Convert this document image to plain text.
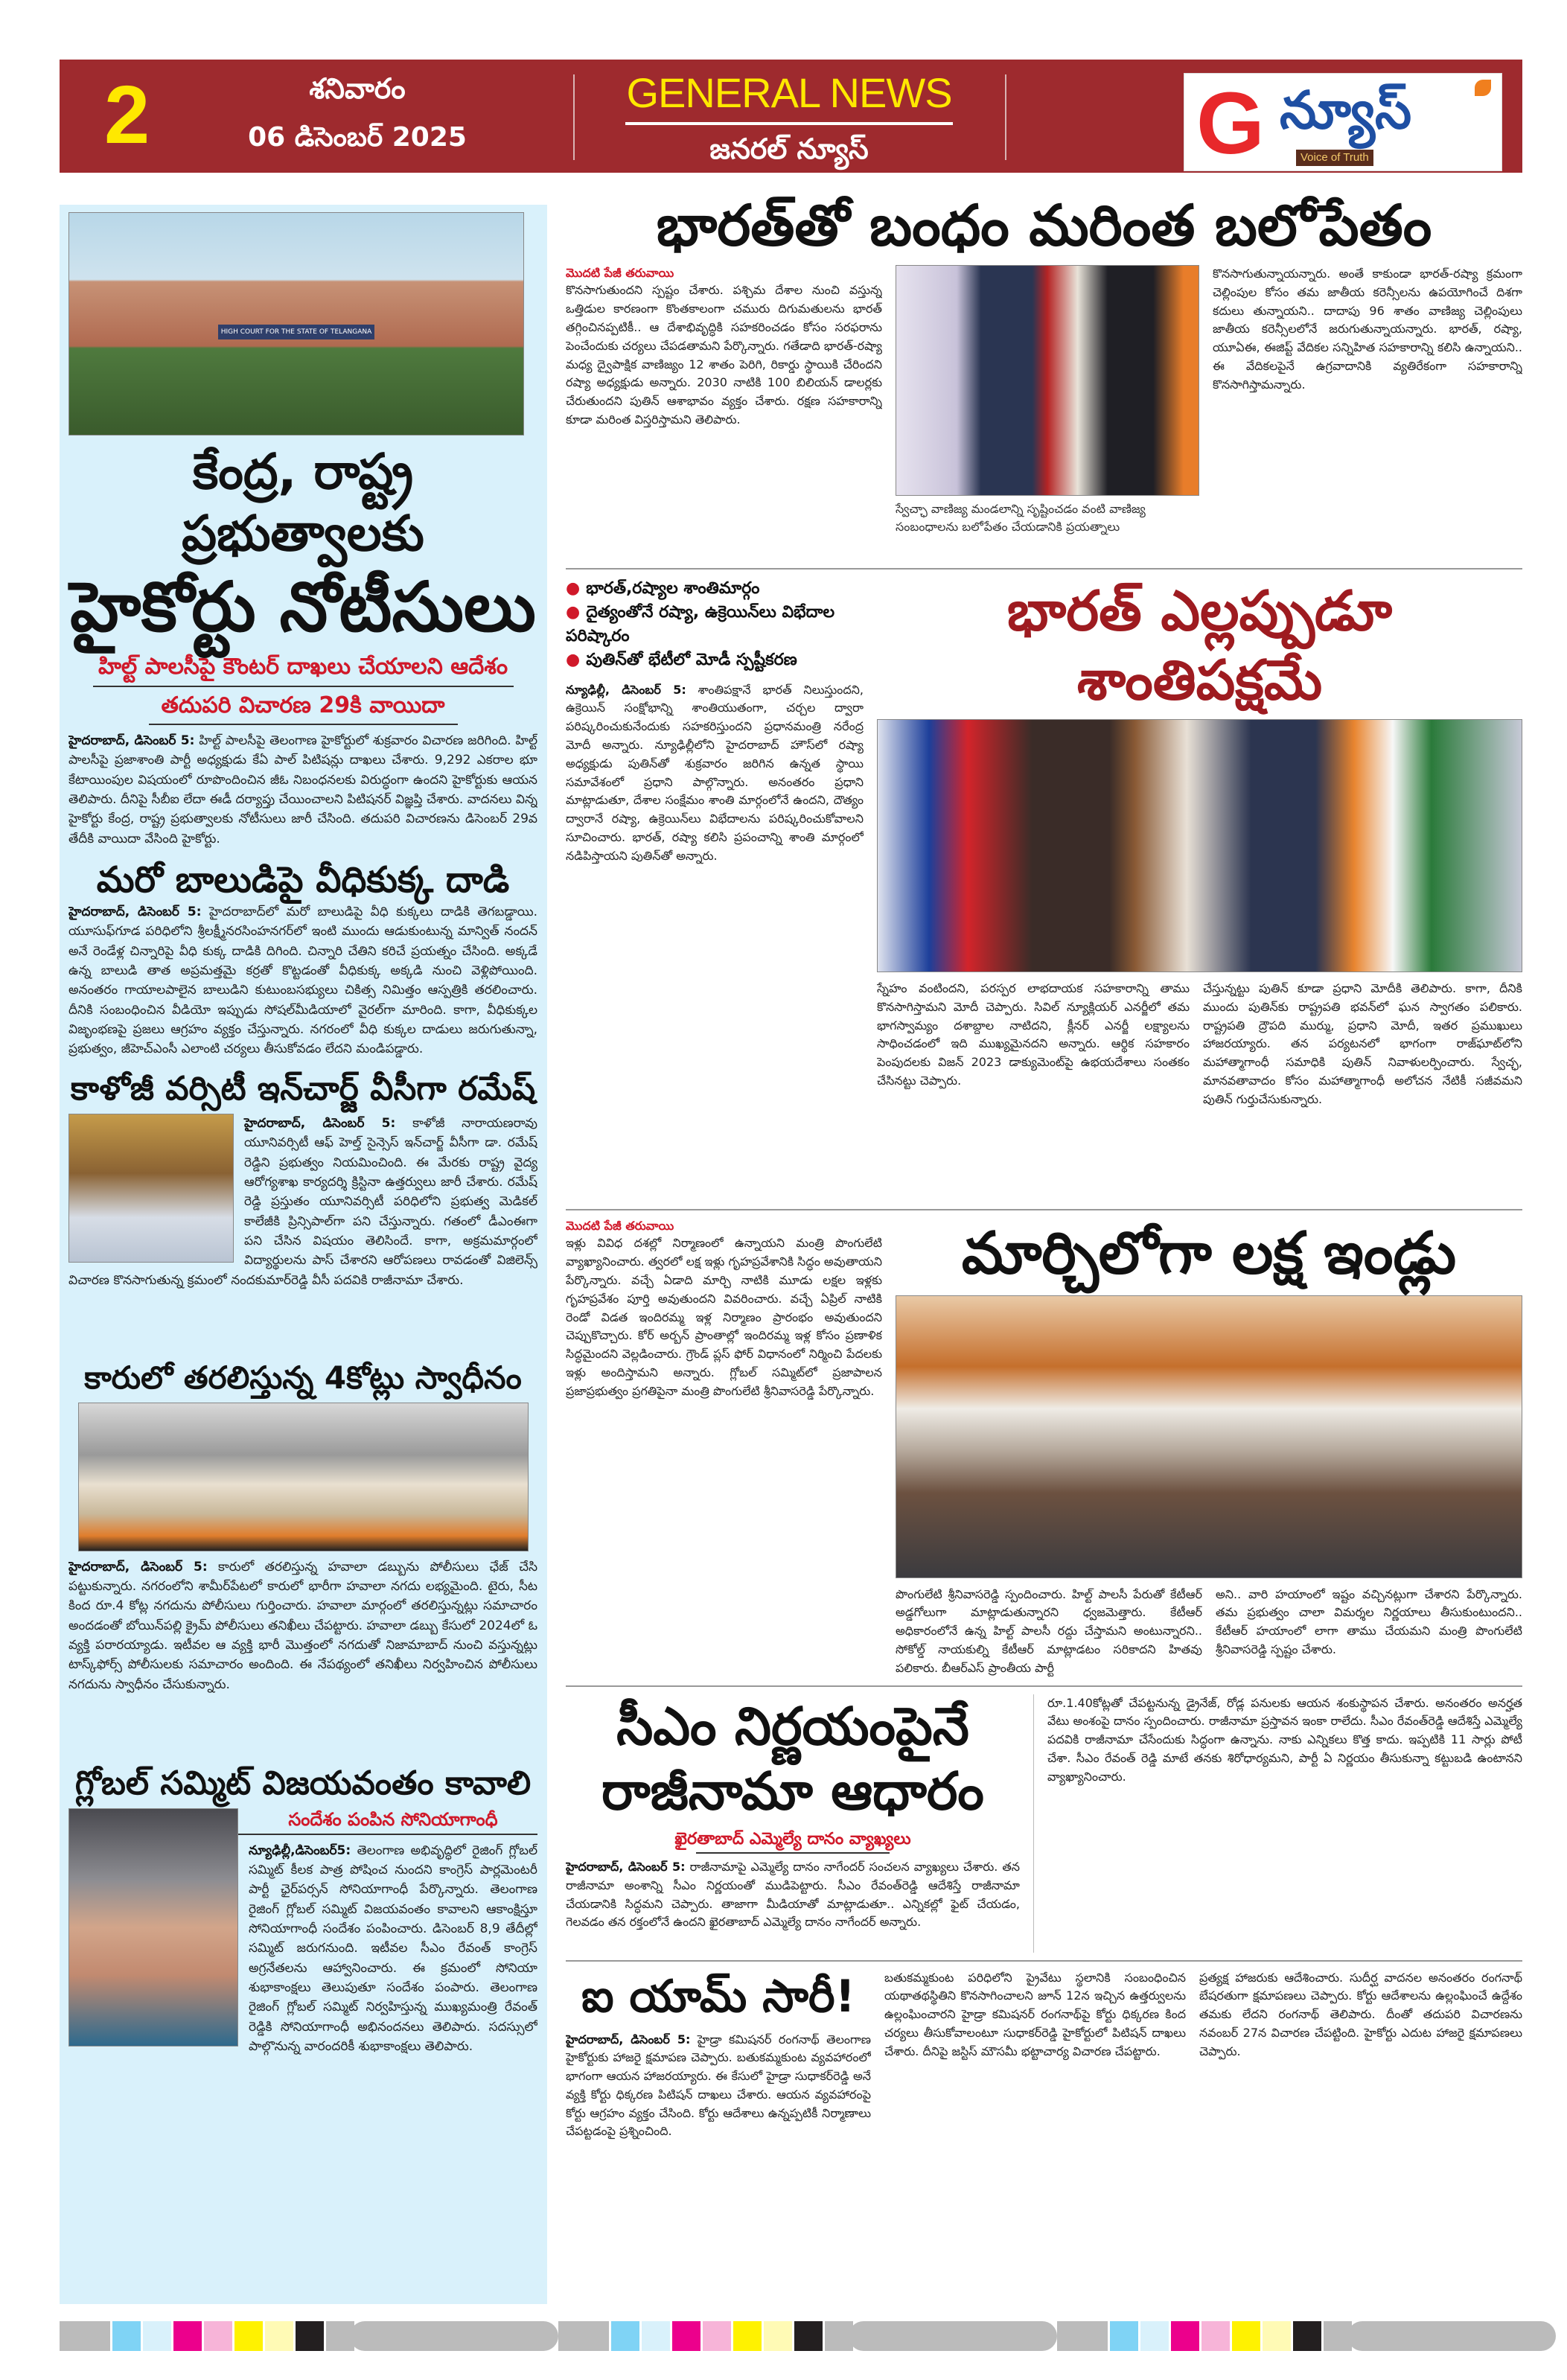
2	శనివారం
06 డిసెంబర్ 2025
GENERAL NEWS
జనరల్ న్యూస్	G న్యూస్
Voice of Truth
HIGH COURT FOR THE STATE OF TELANGANA
కేంద్ర, రాష్ట్ర ప్రభుత్వాలకు
హైకోర్టు నోటీసులు
హిల్ట్ పాలసీపై కౌంటర్ దాఖలు చేయాలని ఆదేశం
తదుపరి విచారణ 29కి వాయిదా
హైదరాబాద్, డిసెంబర్ 5: హిల్ట్ పాలసీపై తెలంగాణ హైకోర్టులో శుక్రవారం విచారణ జరిగింది. హిల్ట్ పాలసీపై ప్రజాశాంతి పార్టీ అధ్యక్షుడు కేఏ పాల్ పిటిషన్లు దాఖలు చేశారు. 9,292 ఎకరాల భూ కేటాయింపుల విషయంలో రూపొందించిన జీఓ నిబంధనలకు విరుద్ధంగా ఉందని హైకోర్టుకు ఆయన తెలిపారు. దీనిపై సీబీఐ లేదా ఈడీ దర్యాప్తు చేయించాలని పిటిషనర్ విజ్ఞప్తి చేశారు. వాదనలు విన్న హైకోర్టు కేంద్ర, రాష్ట్ర ప్రభుత్వాలకు నోటీసులు జారీ చేసింది. తదుపరి విచారణను డిసెంబర్ 29వ తేదీకి వాయిదా వేసింది హైకోర్టు.
మరో బాలుడిపై వీధికుక్క దాడి
హైదరాబాద్, డిసెంబర్ 5: హైదరాబాద్‌లో మరో బాలుడిపై వీధి కుక్కలు దాడికి తెగబడ్డాయి. యూసుఫ్‌గూడ పరిధిలోని శ్రీలక్ష్మీనరసింహనగర్‌లో ఇంటి ముందు ఆడుకుంటున్న మాన్విత్ నందన్ అనే రెండేళ్ల చిన్నారిపై వీధి కుక్క దాడికి దిగింది. చిన్నారి చేతిని కరిచే ప్రయత్నం చేసింది. అక్కడే ఉన్న బాలుడి తాత అప్రమత్తమై కర్రతో కొట్టడంతో వీధికుక్క అక్కడి నుంచి వెళ్లిపోయింది. అనంతరం గాయాలపాలైన బాలుడిని కుటుంబసభ్యులు చికిత్స నిమిత్తం ఆస్పత్రికి తరలించారు. దీనికి సంబంధించిన వీడియో ఇప్పుడు సోషల్‌మీడియాలో వైరల్‌గా మారింది. కాగా, వీధికుక్కల విజృంభణపై ప్రజలు ఆగ్రహం వ్యక్తం చేస్తున్నారు. నగరంలో వీధి కుక్కల దాడులు జరుగుతున్నా, ప్రభుత్వం, జీహెచ్‌ఎంసీ ఎలాంటి చర్యలు తీసుకోవడం లేదని మండిపడ్డారు.
కాళోజీ వర్సిటీ ఇన్‌చార్జ్ వీసీగా రమేష్
హైదరాబాద్, డిసెంబర్ 5: కాళోజీ నారాయణరావు యూనివర్సిటీ ఆఫ్ హెల్త్ సైన్సెస్ ఇన్‌చార్జ్ వీసీగా డా. రమేష్ రెడ్డిని ప్రభుత్వం నియమించింది. ఈ మేరకు రాష్ట్ర వైద్య ఆరోగ్యశాఖ కార్యదర్శి క్రిస్టినా ఉత్తర్వులు జారీ చేశారు. రమేష్ రెడ్డి ప్రస్తుతం యూనివర్సిటీ పరిధిలోని ప్రభుత్వ మెడికల్ కాలేజీకి ప్రిన్సిపాల్‌గా పని చేస్తున్నారు. గతంలో డీఎంఈగా పని చేసిన విషయం తెలిసిందే. కాగా, అక్రమమార్గంలో విద్యార్థులను పాస్ చేశారని ఆరోపణలు రావడంతో విజిలెన్స్ విచారణ కొనసాగుతున్న క్రమంలో నందకుమార్‌రెడ్డి వీసీ పదవికి రాజీనామా చేశారు.
కారులో తరలిస్తున్న 4కోట్లు స్వాధీనం
హైదరాబాద్, డిసెంబర్ 5: కారులో తరలిస్తున్న హవాలా డబ్బును పోలీసులు ఛేజ్ చేసి పట్టుకున్నారు. నగరంలోని శామీర్‌పేటలో కారులో భారీగా హవాలా నగదు లభ్యమైంది. టైరు, సీట కింద రూ.4 కోట్ల నగదును పోలీసులు గుర్తించారు. హవాలా మార్గంలో తరలిస్తున్నట్లు సమాచారం అందడంతో బోయిన్‌పల్లి క్రైమ్ పోలీసులు తనిఖీలు చేపట్టారు. హవాలా డబ్బు కేసులో 2024లో ఓ వ్యక్తి పరారయ్యాడు. ఇటీవల ఆ వ్యక్తి భారీ మొత్తంలో నగదుతో నిజామాబాద్ నుంచి వస్తున్నట్లు టాస్క్‌ఫోర్స్ పోలీసులకు సమాచారం అందింది. ఈ నేపథ్యంలో తనిఖీలు నిర్వహించిన పోలీసులు నగదును స్వాధీనం చేసుకున్నారు.
గ్లోబల్ సమ్మిట్ విజయవంతం కావాలి
సందేశం పంపిన సోనియాగాంధీ
న్యూఢిల్లీ,డిసెంబర్5: తెలంగాణ అభివృద్ధిలో రైజింగ్ గ్లోబల్ సమ్మిట్ కీలక పాత్ర పోషించ నుందని కాంగ్రెస్ పార్లమెంటరీ పార్టీ ఛైర్‌పర్సన్ సోనియాగాంధీ పేర్కొన్నారు. తెలంగాణ రైజింగ్ గ్లోబల్ సమ్మిట్ విజయవంతం కావాలని ఆకాంక్షిస్తూ సోనియాగాంధీ సందేశం పంపించారు. డిసెంబర్ 8,9 తేదీల్లో సమ్మిట్ జరుగనుంది. ఇటీవల సీఎం రేవంత్ కాంగ్రెస్ అగ్రనేతలను ఆహ్వానించారు. ఈ క్రమంలో సోనియా శుభాకాంక్షలు తెలుపుతూ సందేశం పంపారు. తెలంగాణ రైజింగ్ గ్లోబల్ సమ్మిట్ నిర్వహిస్తున్న ముఖ్యమంత్రి రేవంత్ రెడ్డికి సోనియాగాంధీ అభినందనలు తెలిపారు. సదస్సులో పాల్గొనున్న వారందరికీ శుభాకాంక్షలు తెలిపారు.
భారత్‌తో బంధం మరింత బలోపేతం
మొదటి పేజీ తరువాయి
కొనసాగుతుందని స్పష్టం చేశారు. పశ్చిమ దేశాల నుంచి వస్తున్న ఒత్తిడుల కారణంగా కొంతకాలంగా చమురు దిగుమతులను భారత్ తగ్గించినప్పటికీ.. ఆ దేశాభివృద్ధికి సహకరించడం కోసం సరఫరాను పెంచేందుకు చర్యలు చేపడతామని పేర్కొన్నారు. గతేడాది భారత్-రష్యా మధ్య ద్వైపాక్షిక వాణిజ్యం 12 శాతం పెరిగి, రికార్డు స్థాయికి చేరిందని రష్యా అధ్యక్షుడు అన్నారు. 2030 నాటికి 100 బిలియన్ డాలర్లకు చేరుతుందని పుతిన్ ఆశాభావం వ్యక్తం చేశారు. రక్షణ సహకారాన్ని కూడా మరింత విస్తరిస్తామని తెలిపారు.
స్వేచ్ఛా వాణిజ్య మండలాన్ని సృష్టించడం వంటి వాణిజ్య సంబంధాలను బలోపేతం చేయడానికి ప్రయత్నాలు
కొనసాగుతున్నాయన్నారు. అంతే కాకుండా భారత్-రష్యా క్రమంగా చెల్లింపుల కోసం తమ జాతీయ కరెన్సీలను ఉపయోగించే దిశగా కదులు తున్నాయని.. దాదాపు 96 శాతం వాణిజ్య చెల్లింపులు జాతీయ కరెన్సీలలోనే జరుగుతున్నాయన్నారు. భారత్, రష్యా, యూఏఈ, ఈజిప్ట్ వేదికల సన్నిహిత సహకారాన్ని కలిసి ఉన్నాయని.. ఈ వేదికలపైనే ఉగ్రవాదానికి వ్యతిరేకంగా సహకారాన్ని కొనసాగిస్తామన్నారు.
● భారత్,రష్యాల శాంతిమార్గం
● దైత్యంతోనే రష్యా, ఉక్రెయిన్‌లు విభేదాల పరిష్కారం
● పుతిన్‌తో భేటీలో మోడీ స్పష్టీకరణ
న్యూఢిల్లీ, డిసెంబర్ 5: శాంతిపక్షానే భారత్ నిలుస్తుందని, ఉక్రెయిన్ సంక్షోభాన్ని శాంతియుతంగా, చర్చల ద్వారా పరిష్కరించుకునేందుకు సహకరిస్తుందని ప్రధానమంత్రి నరేంద్ర మోదీ అన్నారు. న్యూఢిల్లీలోని హైదరాబాద్ హౌస్‌లో రష్యా అధ్యక్షుడు పుతిన్‌తో శుక్రవారం జరిగిన ఉన్నత స్థాయి సమావేశంలో ప్రధాని పాల్గొన్నారు. అనంతరం ప్రధాని మాట్లాడుతూ, దేశాల సంక్షేమం శాంతి మార్గంలోనే ఉందని, దౌత్యం ద్వారానే రష్యా, ఉక్రెయిన్‌లు విభేదాలను పరిష్కరించుకోవాలని సూచించారు. భారత్, రష్యా కలిసి ప్రపంచాన్ని శాంతి మార్గంలో నడిపిస్తాయని పుతిన్‌తో అన్నారు.
భారత్ ఎల్లప్పుడూ శాంతిపక్షమే
స్నేహం వంటిందని, పరస్పర లాభదాయక సహకారాన్ని తాము కొనసాగిస్తామని మోదీ చెప్పారు. సివిల్ న్యూక్లియర్ ఎనర్జీలో తమ భాగస్వామ్యం దశాబ్దాల నాటిదని, క్లీనర్ ఎనర్జీ లక్ష్యాలను సాధించడంలో ఇది ముఖ్యమైనదని అన్నారు. ఆర్థిక సహకారం పెంపుదలకు విజన్ 2023 డాక్యుమెంట్‌పై ఉభయదేశాలు సంతకం చేసినట్టు చెప్పారు.
చేస్తున్నట్టు పుతిన్ కూడా ప్రధాని మోదీకి తెలిపారు. కాగా, దీనికి ముందు పుతిన్‌కు రాష్ట్రపతి భవన్‌లో ఘన స్వాగతం పలికారు. రాష్ట్రపతి ద్రౌపది ముర్ము, ప్రధాని మోదీ, ఇతర ప్రముఖులు హాజరయ్యారు. తన పర్యటనలో భాగంగా రాజ్‌ఘాట్‌లోని మహాత్మాగాంధీ సమాధికి పుతిన్ నివాళులర్పించారు. స్వేచ్ఛ, మానవతావాదం కోసం మహాత్మాగాంధీ అలోచన నేటికీ సజీవమని పుతిన్ గుర్తుచేసుకున్నారు.
మొదటి పేజీ తరువాయి
ఇళ్లు వివిధ దశల్లో నిర్మాణంలో ఉన్నాయని మంత్రి పొంగులేటి వ్యాఖ్యానించారు. త్వరలో లక్ష ఇళ్లు గృహప్రవేశానికి సిద్ధం అవుతాయని పేర్కొన్నారు. వచ్చే ఏడాది మార్చి నాటికి మూడు లక్షల ఇళ్లకు గృహప్రవేశం పూర్తి అవుతుందని వివరించారు. వచ్చే ఏప్రిల్ నాటికి రెండో విడత ఇందిరమ్మ ఇళ్ల నిర్మాణం ప్రారంభం అవుతుందని చెప్పుకొచ్చారు. కోర్ అర్బన్ ప్రాంతాల్లో ఇందిరమ్మ ఇళ్ల కోసం ప్రణాళిక సిద్ధమైందని వెల్లడించారు. గ్రౌండ్ ప్లస్ ఫోర్ విధానంలో నిర్మించి పేదలకు ఇళ్లు అందిస్తామని అన్నారు. గ్లోబల్ సమ్మిట్‌లో ప్రజాపాలన ప్రజాప్రభుత్వం ప్రగతిపైనా మంత్రి పొంగులేటి శ్రీనివాసరెడ్డి పేర్కొన్నారు.
మార్చిలోగా లక్ష ఇండ్లు
పొంగులేటి శ్రీనివాసరెడ్డి స్పందించారు. హిల్ట్ పాలసీ పేరుతో కేటీఆర్ అడ్డగోలుగా మాట్లాడుతున్నారని ధ్వజమెత్తారు. కేటీఆర్ అధికారంలోనే ఉన్న హిల్ట్ పాలసీ రద్దు చేస్తామని అంటున్నారని.. సోకోల్డ్ నాయకుల్ని కేటీఆర్ మాట్లాడటం సరికాదని హితవు పలికారు. బీఆర్ఎస్ ప్రాంతీయ పార్టీ
అని.. వారి హయాంలో ఇష్టం వచ్చినట్లుగా చేశారని పేర్కొన్నారు. తమ ప్రభుత్వం చాలా విమర్శల నిర్ణయాలు తీసుకుంటుందని.. కేటీఆర్ హయాంలో లాగా తాము చేయమని మంత్రి పొంగులేటి శ్రీనివాసరెడ్డి స్పష్టం చేశారు.
సీఎం నిర్ణయంపైనే
రాజీనామా ఆధారం
ఖైరతాబాద్ ఎమ్మెల్యే దానం వ్యాఖ్యలు
హైదరాబాద్, డిసెంబర్ 5: రాజీనామాపై ఎమ్మెల్యే దానం నాగేందర్ సంచలన వ్యాఖ్యలు చేశారు. తన రాజీనామా అంశాన్ని సీఎం నిర్ణయంతో ముడిపెట్టారు. సీఎం రేవంత్‌రెడ్డి ఆదేశిస్తే రాజీనామా చేయడానికి సిద్ధమని చెప్పారు. తాజాగా మీడియాతో మాట్లాడుతూ.. ఎన్నికల్లో ఫైట్ చేయడం, గెలవడం తన రక్తంలోనే ఉందని ఖైరతాబాద్ ఎమ్మెల్యే దానం నాగేందర్ అన్నారు.
రూ.1.40కోట్లతో చేపట్టనున్న డ్రైనేజ్, రోడ్ల పనులకు ఆయన శంకుస్థాపన చేశారు. అనంతరం అనర్హత వేటు అంశంపై దానం స్పందించారు. రాజీనామా ప్రస్తావన ఇంకా రాలేదు. సీఎం రేవంత్‌రెడ్డి ఆదేశిస్తే ఎమ్మెల్యే పదవికి రాజీనామా చేసేందుకు సిద్ధంగా ఉన్నాను. నాకు ఎన్నికలు కొత్త కాదు. ఇప్పటికి 11 సార్లు పోటీ చేశా. సీఎం రేవంత్ రెడ్డి మాటే తనకు శిరోధార్యమని, పార్టీ ఏ నిర్ణయం తీసుకున్నా కట్టుబడి ఉంటానని వ్యాఖ్యానించారు.
ఐ యామ్ సారీ!
హైదరాబాద్, డిసెంబర్ 5: హైడ్రా కమిషనర్ రంగనాథ్ తెలంగాణ హైకోర్టుకు హాజరై క్షమాపణ చెప్పారు. బతుకమ్మకుంట వ్యవహారంలో భాగంగా ఆయన హాజరయ్యారు. ఈ కేసులో హైడ్రా సుధాకర్‌రెడ్డి అనే వ్యక్తి కోర్టు ధిక్కరణ పిటిషన్ దాఖలు చేశారు. ఆయన వ్యవహారంపై కోర్టు ఆగ్రహం వ్యక్తం చేసింది. కోర్టు ఆదేశాలు ఉన్నప్పటికీ నిర్మాణాలు చేపట్టడంపై ప్రశ్నించింది.
బతుకమ్మకుంట పరిధిలోని ప్రైవేటు స్థలానికి సంబంధించిన యథాతథస్థితిని కొనసాగించాలని జూన్ 12న ఇచ్చిన ఉత్తర్వులను ఉల్లంఘించారని హైడ్రా కమిషనర్ రంగనాథ్‌పై కోర్టు ధిక్కరణ కింద చర్యలు తీసుకోవాలంటూ సుధాకర్‌రెడ్డి హైకోర్టులో పిటిషన్ దాఖలు చేశారు. దీనిపై జస్టిస్ మౌసమీ భట్టాచార్య విచారణ చేపట్టారు.
ప్రత్యక్ష హాజరుకు ఆదేశించారు. సుదీర్ఘ వాదనల అనంతరం రంగనాథ్ బేషరతుగా క్షమాపణలు చెప్పారు. కోర్టు ఆదేశాలను ఉల్లంఘించే ఉద్దేశం తమకు లేదని రంగనాథ్ తెలిపారు. దీంతో తదుపరి విచారణను నవంబర్ 27న విచారణ చేపట్టింది. హైకోర్టు ఎదుట హాజరై క్షమాపణలు చెప్పారు.
